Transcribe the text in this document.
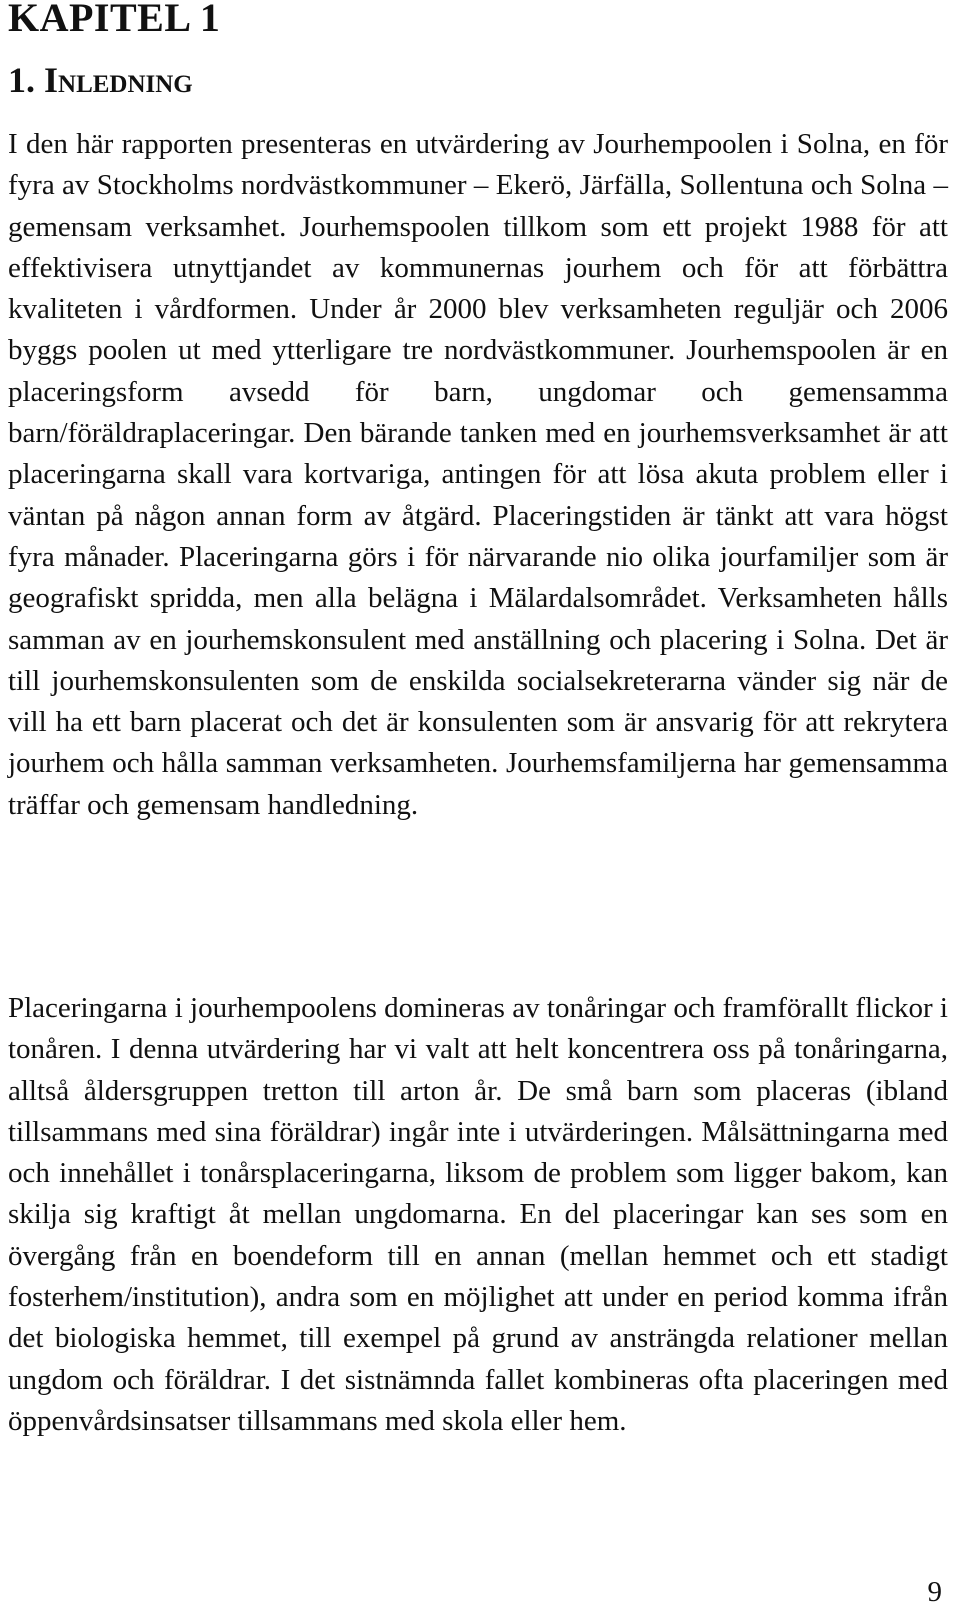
KAPITEL 1
1. Inledning

I den här rapporten presenteras en utvärdering av Jourhempoolen i Solna, en för fyra av Stockholms nordvästkommuner – Ekerö, Järfälla, Sollentuna och Solna – gemensam verksamhet. Jourhemspoolen tillkom som ett projekt 1988 för att effektivisera utnyttjandet av kommunernas jourhem och för att förbättra kvaliteten i vårdformen. Under år 2000 blev verksamheten reguljär och 2006 byggs poolen ut med ytterligare tre nordvästkommuner. Jourhemspoolen är en placeringsform avsedd för barn, ungdomar och gemensamma barn/föräldraplaceringar. Den bärande tanken med en jourhemsverksamhet är att placeringarna skall vara kortvariga, antingen för att lösa akuta problem eller i väntan på någon annan form av åtgärd. Placeringstiden är tänkt att vara högst fyra månader. Placeringarna görs i för närvarande nio olika jourfamiljer som är geografiskt spridda, men alla belägna i Mälardalsområdet. Verksamheten hålls samman av en jourhemskonsulent med anställning och placering i Solna. Det är till jourhemskonsulenten som de enskilda socialsekreterarna vänder sig när de vill ha ett barn placerat och det är konsulenten som är ansvarig för att rekrytera jourhem och hålla samman verksamheten. Jourhemsfamiljerna har gemensamma träffar och gemensam handledning.

Placeringarna i jourhempoolens domineras av tonåringar och framförallt flickor i tonåren. I denna utvärdering har vi valt att helt koncentrera oss på tonåringarna, alltså åldersgruppen tretton till arton år. De små barn som placeras (ibland tillsammans med sina föräldrar) ingår inte i utvärderingen. Målsättningarna med och innehållet i tonårsplaceringarna, liksom de problem som ligger bakom, kan skilja sig kraftigt åt mellan ungdomarna. En del placeringar kan ses som en övergång från en boendeform till en annan (mellan hemmet och ett stadigt fosterhem/institution), andra som en möjlighet att under en period komma ifrån det biologiska hemmet, till exempel på grund av ansträngda relationer mellan ungdom och föräldrar. I det sistnämnda fallet kombineras ofta placeringen med öppenvårdsinsatser tillsammans med skola eller hem.

9
